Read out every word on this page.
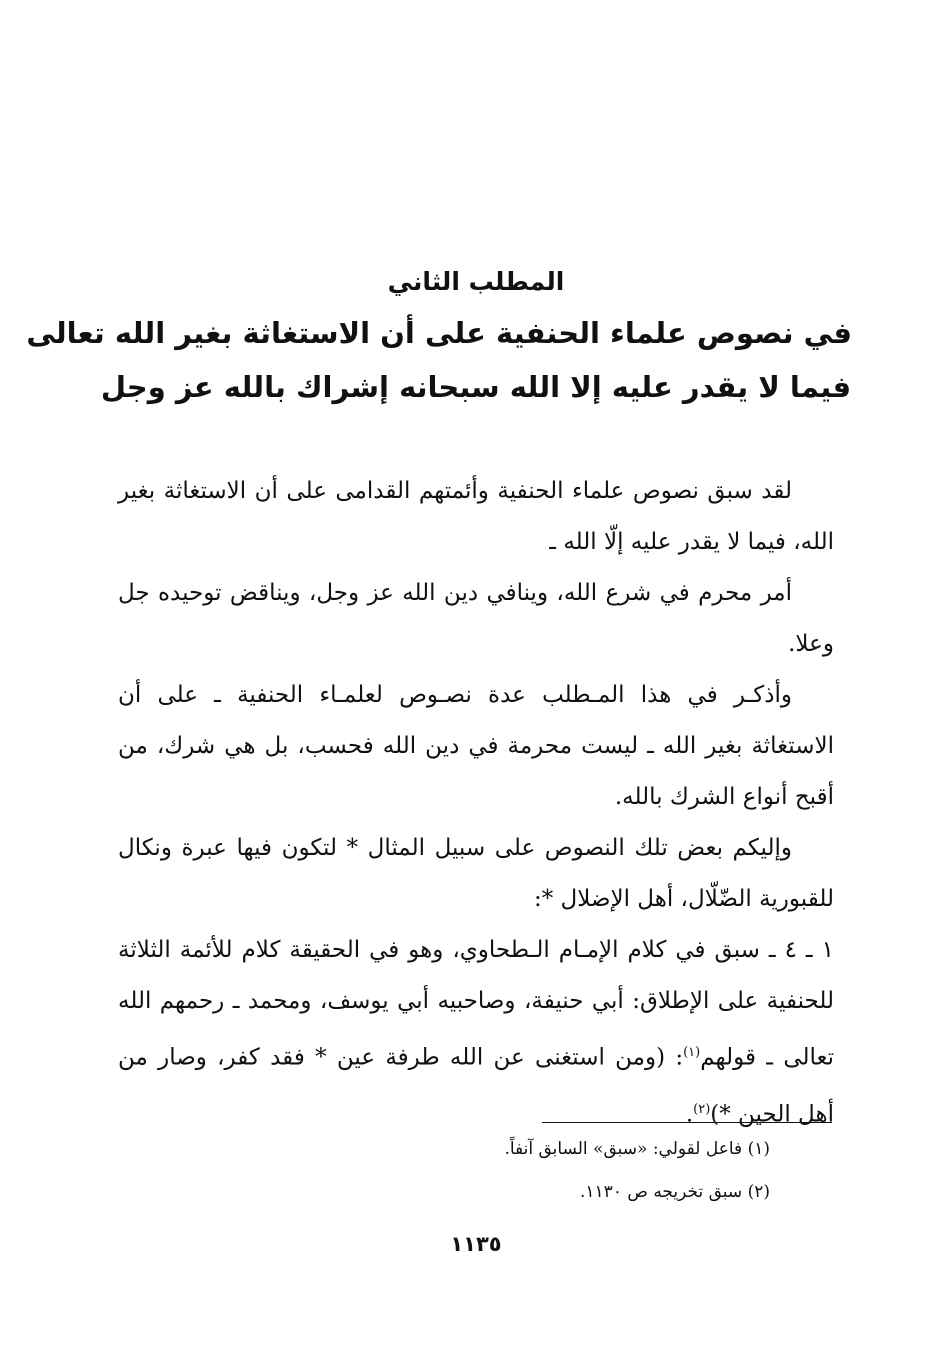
المطلب الثاني

في نصوص علماء الحنفية على أن الاستغاثة بغير الله تعالى

فيما لا يقدر عليه إلا الله سبحانه إشراك بالله عز وجل

لقد سبق نصوص علماء الحنفية وأئمتهم القدامى على أن الاستغاثة بغير الله، فيما لا يقدر عليه إلّا الله ـ

أمر محرم في شرع الله، وينافي دين الله عز وجل، ويناقض توحيده جل وعلا.

وأذكـر في هذا المـطلب عدة نصـوص لعلمـاء الحنفية ـ على أن الاستغاثة بغير الله ـ ليست محرمة في دين الله فحسب، بل هي شرك، من أقبح أنواع الشرك بالله.

وإليكم بعض تلك النصوص على سبيل المثال * لتكون فيها عبرة ونكال للقبورية الضّلّال، أهل الإضلال *:

١ ـ ٤ ـ سبق في كلام الإمـام الـطحاوي، وهو في الحقيقة كلام للأئمة الثلاثة للحنفية على الإطلاق: أبي حنيفة، وصاحبيه أبي يوسف، ومحمد ـ رحمهم الله تعالى ـ قولهم$^{(١)}$: (ومن استغنى عن الله طرفة عين * فقد كفر، وصار من أهل الحين *)$^{(٢)}$.

(١) فاعل لقولي: «سبق» السابق آنفاً.

(٢) سبق تخريجه ص ١١٣٠.

١١٣٥
